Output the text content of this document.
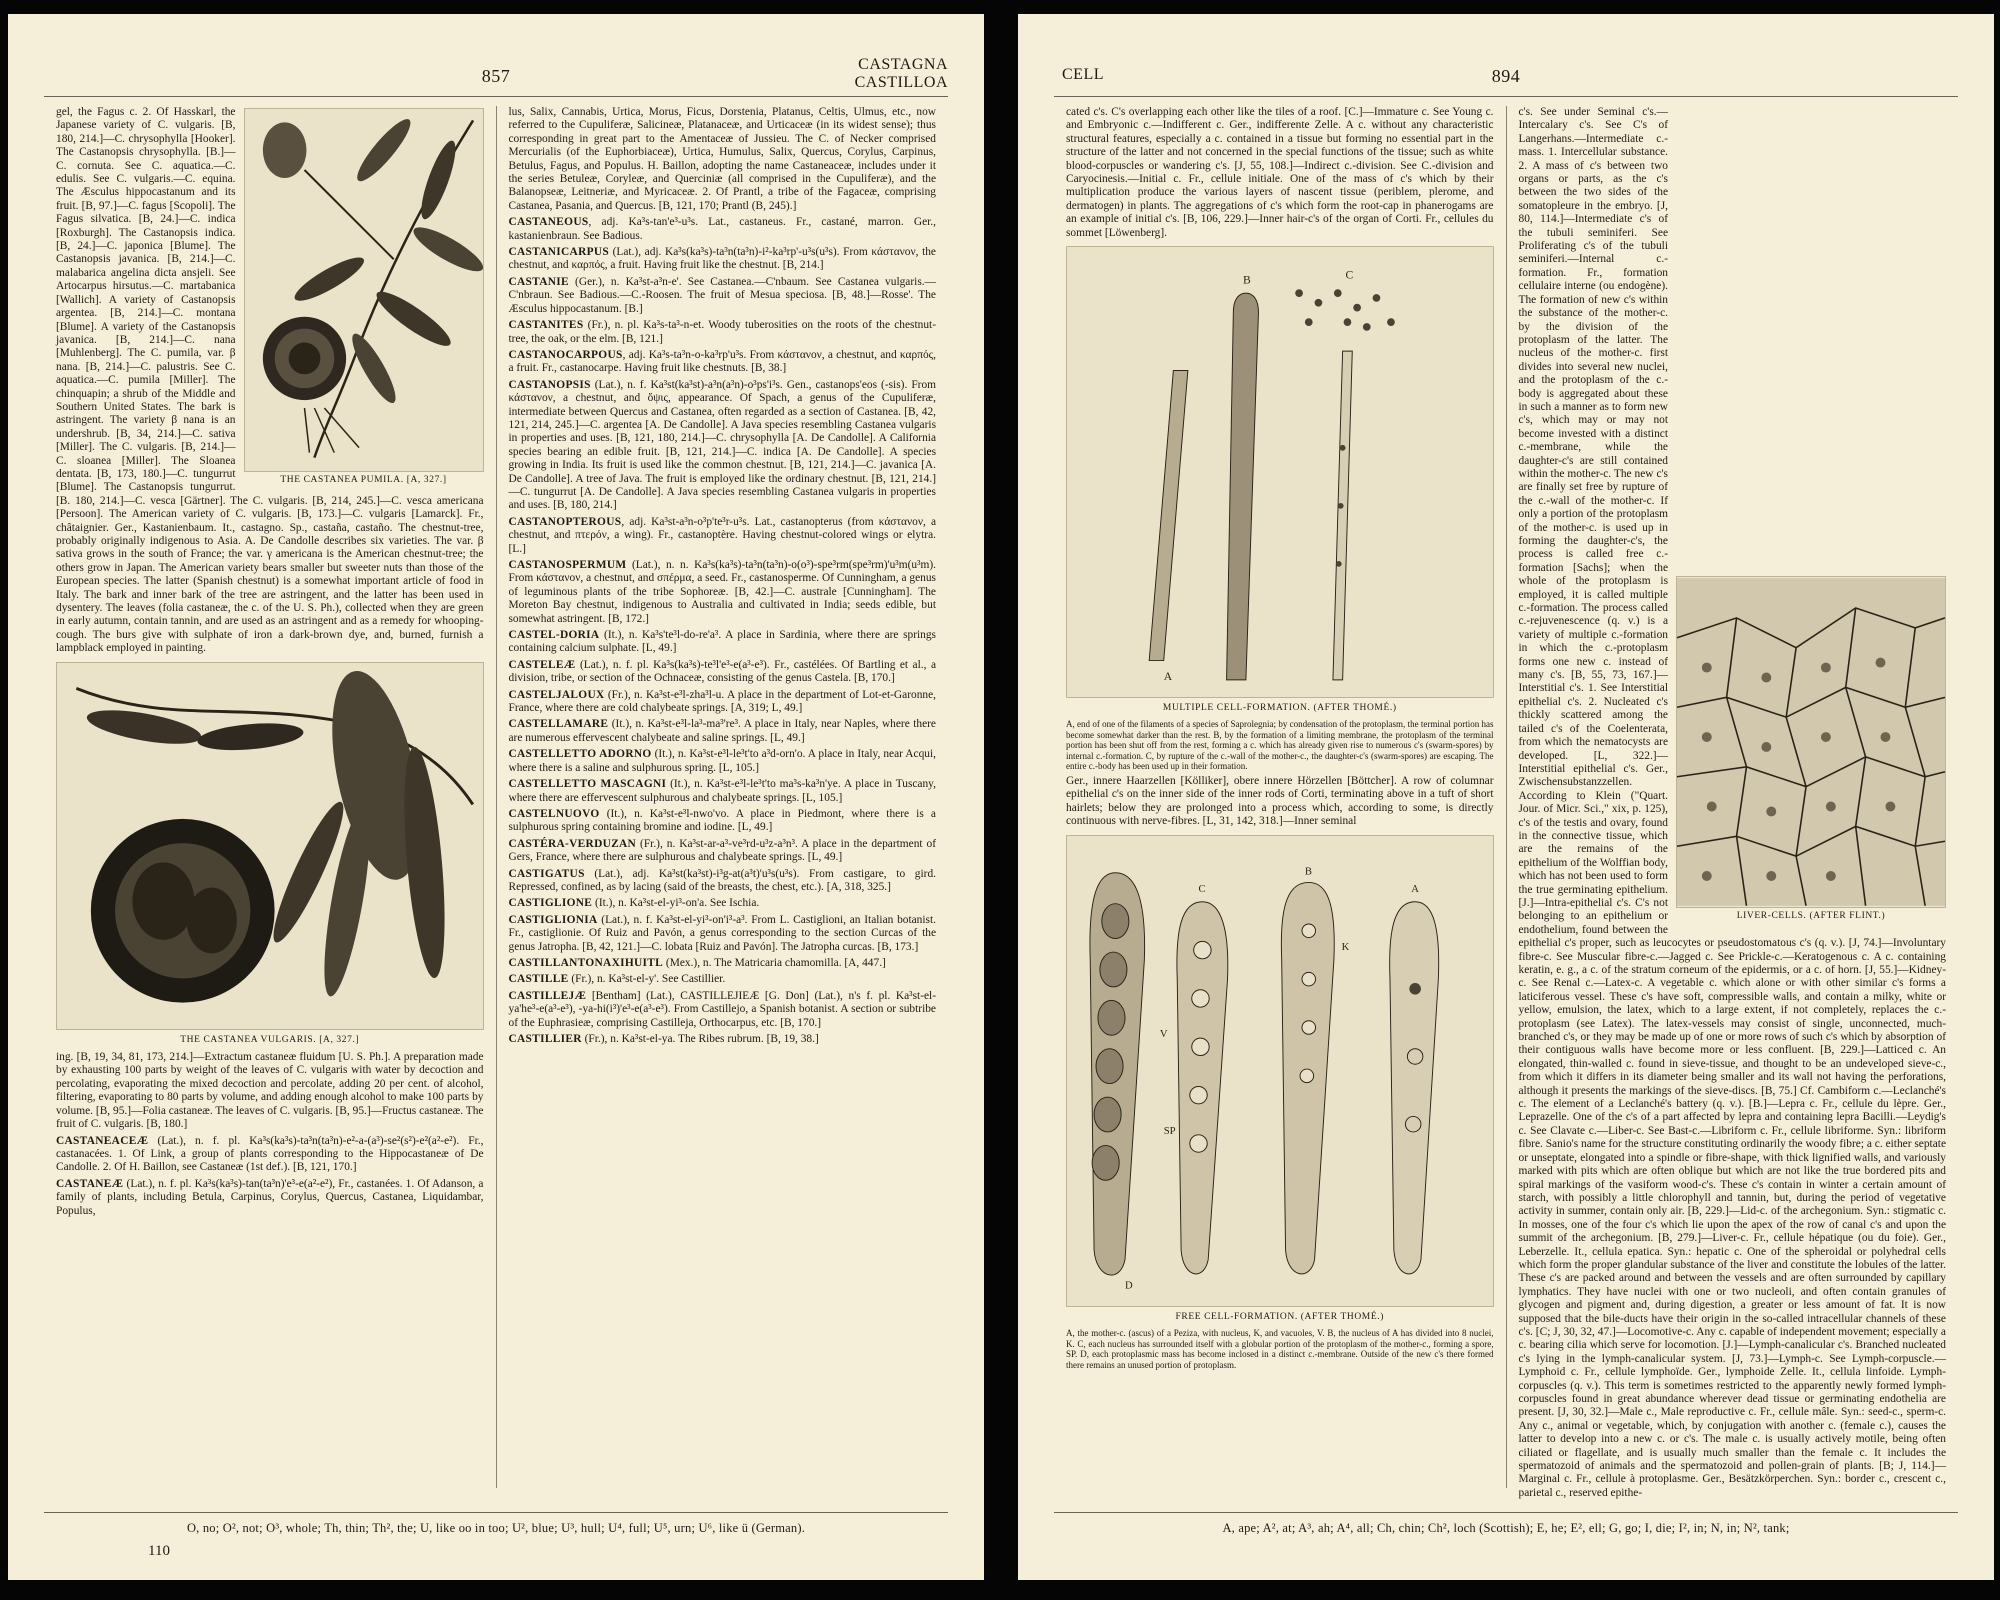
857
CASTAGNA
CASTILLOA
THE CASTANEA PUMILA. [A, 327.]

gel, the Fagus c. 2. Of Hasskarl, the Japanese variety of C. vulgaris. [B, 180, 214.]—C. chrysophylla [Hooker]. The Castanopsis chrysophylla. [B.]—C. cornuta. See C. aquatica.—C. edulis. See C. vulgaris.—C. equina. The Æsculus hippocastanum and its fruit. [B, 97.]—C. fagus [Scopoli]. The Fagus silvatica. [B, 24.]—C. indica [Roxburgh]. The Castanopsis indica. [B, 24.]—C. japonica [Blume]. The Castanopsis javanica. [B, 214.]—C. malabarica angelina dicta ansjeli. See Artocarpus hirsutus.—C. martabanica [Wallich]. A variety of Castanopsis argentea. [B, 214.]—C. montana [Blume]. A variety of the Castanopsis javanica. [B, 214.]—C. nana [Muhlenberg]. The C. pumila, var. β nana. [B, 214.]—C. palustris. See C. aquatica.—C. pumila [Miller]. The chinquapin; a shrub of the Middle and Southern United States. The bark is astringent. The variety β nana is an undershrub. [B, 34, 214.]—C. sativa [Miller]. The C. vulgaris. [B, 214.]—C. sloanea [Miller]. The Sloanea dentata. [B, 173, 180.]—C. tungurrut [Blume]. The Castanopsis tungurrut. [B. 180, 214.]—C. vesca [Gärtner]. The C. vulgaris. [B, 214, 245.]—C. vesca americana [Persoon]. The American variety of C. vulgaris. [B, 173.]—C. vulgaris [Lamarck]. Fr., châtaignier. Ger., Kastanienbaum. It., castagno. Sp., castaña, castaño. The chestnut-tree, probably originally indigenous to Asia. A. De Candolle describes six varieties. The var. β sativa grows in the south of France; the var. γ americana is the American chestnut-tree; the others grow in Japan. The American variety bears smaller but sweeter nuts than those of the European species. The latter (Spanish chestnut) is a somewhat important article of food in Italy. The bark and inner bark of the tree are astringent, and the latter has been used in dysentery. The leaves (folia castaneæ, the c. of the U. S. Ph.), collected when they are green in early autumn, contain tannin, and are used as an astringent and as a remedy for whooping-cough. The burs give with sulphate of iron a dark-brown dye, and, burned, furnish a lampblack employed in painting.

THE CASTANEA VULGARIS. [A, 327.]

ing. [B, 19, 34, 81, 173, 214.]—Extractum castaneæ fluidum [U. S. Ph.]. A preparation made by exhausting 100 parts by weight of the leaves of C. vulgaris with water by decoction and percolating, evaporating the mixed decoction and percolate, adding 20 per cent. of alcohol, filtering, evaporating to 80 parts by volume, and adding enough alcohol to make 100 parts by volume. [B, 95.]—Folia castaneæ. The leaves of C. vulgaris. [B, 95.]—Fructus castaneæ. The fruit of C. vulgaris. [B, 180.]

CASTANEACEÆ (Lat.), n. f. pl. Ka³s(ka³s)-ta³n(ta³n)-e²-a-(a³)-se²(s²)-e²(a²-e²). Fr., castanacées. 1. Of Link, a group of plants corresponding to the Hippocastaneæ of De Candolle. 2. Of H. Baillon, see Castaneæ (1st def.). [B, 121, 170.]

CASTANEÆ (Lat.), n. f. pl. Ka³s(ka³s)-tan(ta³n)'e³-e(a²-e²), Fr., castanées. 1. Of Adanson, a family of plants, including Betula, Carpinus, Corylus, Quercus, Castanea, Liquidambar, Populus,

lus, Salix, Cannabis, Urtica, Morus, Ficus, Dorstenia, Platanus, Celtis, Ulmus, etc., now referred to the Cupuliferæ, Salicineæ, Platanaceæ, and Urticaceæ (in its widest sense); thus corresponding in great part to the Amentaceæ of Jussieu. The C. of Necker comprised Mercurialis (of the Euphorbiaceæ), Urtica, Humulus, Salix, Quercus, Corylus, Carpinus, Betulus, Fagus, and Populus. H. Baillon, adopting the name Castaneaceæ, includes under it the series Betuleæ, Coryleæ, and Querciniæ (all comprised in the Cupuliferæ), and the Balanopseæ, Leitneriæ, and Myricaceæ. 2. Of Prantl, a tribe of the Fagaceæ, comprising Castanea, Pasania, and Quercus. [B, 121, 170; Prantl (B, 245).]

CASTANEOUS, adj. Ka³s-tan'e³-u³s. Lat., castaneus. Fr., castané, marron. Ger., kastanienbraun. See Badious.

CASTANICARPUS (Lat.), adj. Ka³s(ka³s)-ta³n(ta³n)-i²-ka³rp'-u³s(u³s). From κάστανον, the chestnut, and καρπός, a fruit. Having fruit like the chestnut. [B, 214.]

CASTANIE (Ger.), n. Ka³st-a³n-e'. See Castanea.—C'nbaum. See Castanea vulgaris.—C'nbraun. See Badious.—C.-Roosen. The fruit of Mesua speciosa. [B, 48.]—Rosse'. The Æsculus hippocastanum. [B.]

CASTANITES (Fr.), n. pl. Ka³s-ta³-n-et. Woody tuberosities on the roots of the chestnut-tree, the oak, or the elm. [B, 121.]

CASTANOCARPOUS, adj. Ka³s-ta³n-o-ka³rp'u³s. From κάστανον, a chestnut, and καρπός, a fruit. Fr., castanocarpe. Having fruit like chestnuts. [B, 38.]

CASTANOPSIS (Lat.), n. f. Ka³st(ka³st)-a³n(a³n)-o³ps'i³s. Gen., castanops'eos (-sis). From κάστανον, a chestnut, and ὄψις, appearance. Of Spach, a genus of the Cupuliferæ, intermediate between Quercus and Castanea, often regarded as a section of Castanea. [B, 42, 121, 214, 245.]—C. argentea [A. De Candolle]. A Java species resembling Castanea vulgaris in properties and uses. [B, 121, 180, 214.]—C. chrysophylla [A. De Candolle]. A California species bearing an edible fruit. [B, 121, 214.]—C. indica [A. De Candolle]. A species growing in India. Its fruit is used like the common chestnut. [B, 121, 214.]—C. javanica [A. De Candolle]. A tree of Java. The fruit is employed like the ordinary chestnut. [B, 121, 214.]—C. tungurrut [A. De Candolle]. A Java species resembling Castanea vulgaris in properties and uses. [B, 180, 214.]

CASTANOPTEROUS, adj. Ka³st-a³n-o³p'te³r-u³s. Lat., castanopterus (from κάστανον, a chestnut, and πτερόν, a wing). Fr., castanoptère. Having chestnut-colored wings or elytra. [L.]

CASTANOSPERMUM (Lat.), n. n. Ka³s(ka³s)-ta³n(ta³n)-o(o³)-spe³rm(spe³rm)'u³m(u³m). From κάστανον, a chestnut, and σπέρμα, a seed. Fr., castanosperme. Of Cunningham, a genus of leguminous plants of the tribe Sophoreæ. [B, 42.]—C. australe [Cunningham]. The Moreton Bay chestnut, indigenous to Australia and cultivated in India; seeds edible, but somewhat astringent. [B, 172.]

CASTEL-DORIA (It.), n. Ka³s'te³l-do-re'a³. A place in Sardinia, where there are springs containing calcium sulphate. [L, 49.]

CASTELEÆ (Lat.), n. f. pl. Ka³s(ka³s)-te³l'e³-e(a³-e³). Fr., castélées. Of Bartling et al., a division, tribe, or section of the Ochnaceæ, consisting of the genus Castela. [B, 170.]

CASTELJALOUX (Fr.), n. Ka³st-e³l-zha³l-u. A place in the department of Lot-et-Garonne, France, where there are cold chalybeate springs. [A, 319; L, 49.]

CASTELLAMARE (It.), n. Ka³st-e³l-la³-ma³'re³. A place in Italy, near Naples, where there are numerous effervescent chalybeate and saline springs. [L, 49.]

CASTELLETTO ADORNO (It.), n. Ka³st-e³l-le³t'to a³d-orn'o. A place in Italy, near Acqui, where there is a saline and sulphurous spring. [L, 105.]

CASTELLETTO MASCAGNI (It.), n. Ka³st-e³l-le³t'to ma³s-ka³n'ye. A place in Tuscany, where there are effervescent sulphurous and chalybeate springs. [L, 105.]

CASTELNUOVO (It.), n. Ka³st-e³l-nwo'vo. A place in Piedmont, where there is a sulphurous spring containing bromine and iodine. [L, 49.]

CASTÉRA-VERDUZAN (Fr.), n. Ka³st-ar-a³-ve³rd-u³z-a³n³. A place in the department of Gers, France, where there are sulphurous and chalybeate springs. [L, 49.]

CASTIGATUS (Lat.), adj. Ka³st(ka³st)-i³g-at(a³t)'u³s(u³s). From castigare, to gird. Repressed, confined, as by lacing (said of the breasts, the chest, etc.). [A, 318, 325.]

CASTIGLIONE (It.), n. Ka³st-el-yi³-on'a. See Ischia.

CASTIGLIONIA (Lat.), n. f. Ka³st-el-yi³-on'i³-a³. From L. Castiglioni, an Italian botanist. Fr., castiglionie. Of Ruiz and Pavón, a genus corresponding to the section Curcas of the genus Jatropha. [B, 42, 121.]—C. lobata [Ruiz and Pavón]. The Jatropha curcas. [B, 173.]

CASTILLANTONAXIHUITL (Mex.), n. The Matricaria chamomilla. [A, 447.]

CASTILLE (Fr.), n. Ka³st-el-y'. See Castillier.

CASTILLEJÆ [Bentham] (Lat.), CASTILLEJIEÆ [G. Don] (Lat.), n's f. pl. Ka³st-el-ya'he³-e(a³-e³), -ya-hi(i³)'e³-e(a³-e³). From Castillejo, a Spanish botanist. A section or subtribe of the Euphrasieæ, comprising Castilleja, Orthocarpus, etc. [B, 170.]

CASTILLIER (Fr.), n. Ka³st-el-ya. The Ribes rubrum. [B, 19, 38.]

O, no; O², not; O³, whole; Th, thin; Th², the; U, like oo in too; U², blue; U³, hull; U⁴, full; U⁵, urn; U⁶, like ü (German).
110
CELL	894

cated c's. C's overlapping each other like the tiles of a roof. [C.]—Immature c. See Young c. and Embryonic c.—Indifferent c. Ger., indifferente Zelle. A c. without any characteristic structural features, especially a c. contained in a tissue but forming no essential part in the structure of the latter and not concerned in the special functions of the tissue; such as white blood-corpuscles or wandering c's. [J, 55, 108.]—Indirect c.-division. See C.-division and Caryocinesis.—Initial c. Fr., cellule initiale. One of the mass of c's which by their multiplication produce the various layers of nascent tissue (periblem, plerome, and dermatogen) in plants. The aggregations of c's which form the root-cap in phanerogams are an example of initial c's. [B, 106, 229.]—Inner hair-c's of the organ of Corti. Fr., cellules du sommet [Löwenberg].

A
B	C
MULTIPLE CELL-FORMATION. (AFTER THOMÉ.)

A, end of one of the filaments of a species of Saprolegnia; by condensation of the protoplasm, the terminal portion has become somewhat darker than the rest. B, by the formation of a limiting membrane, the protoplasm of the terminal portion has been shut off from the rest, forming a c. which has already given rise to numerous c's (swarm-spores) by internal c.-formation. C, by rupture of the c.-wall of the mother-c., the daughter-c's (swarm-spores) are escaping. The entire c.-body has been used up in their formation.

Ger., innere Haarzellen [Kölliker], obere innere Hörzellen [Böttcher]. A row of columnar epithelial c's on the inner side of the inner rods of Corti, terminating above in a tuft of short hairlets; below they are prolonged into a process which, according to some, is directly continuous with nerve-fibres. [L, 31, 142, 318.]—Inner seminal

D
C
B
A
V
K
SP
FREE CELL-FORMATION. (AFTER THOMÉ.)

A, the mother-c. (ascus) of a Peziza, with nucleus, K, and vacuoles, V. B, the nucleus of A has divided into 8 nuclei, K. C, each nucleus has surrounded itself with a globular portion of the protoplasm of the mother-c., forming a spore, SP. D, each protoplasmic mass has become inclosed in a distinct c.-membrane. Outside of the new c's there formed there remains an unused portion of protoplasm.

LIVER-CELLS. (AFTER FLINT.)

c's. See under Seminal c's.—Intercalary c's. See C's of Langerhans.—Intermediate c.-mass. 1. Intercellular substance. 2. A mass of c's between two organs or parts, as the c's between the two sides of the somatopleure in the embryo. [J, 80, 114.]—Intermediate c's of the tubuli seminiferi. See Proliferating c's of the tubuli seminiferi.—Internal c.-formation. Fr., formation cellulaire interne (ou endogène). The formation of new c's within the substance of the mother-c. by the division of the protoplasm of the latter. The nucleus of the mother-c. first divides into several new nuclei, and the protoplasm of the c.-body is aggregated about these in such a manner as to form new c's, which may or may not become invested with a distinct c.-membrane, while the daughter-c's are still contained within the mother-c. The new c's are finally set free by rupture of the c.-wall of the mother-c. If only a portion of the protoplasm of the mother-c. is used up in forming the daughter-c's, the process is called free c.-formation [Sachs]; when the whole of the protoplasm is employed, it is called multiple c.-formation. The process called c.-rejuvenescence (q. v.) is a variety of multiple c.-formation in which the c.-protoplasm forms one new c. instead of many c's. [B, 55, 73, 167.]—Interstitial c's. 1. See Interstitial epithelial c's. 2. Nucleated c's thickly scattered among the tailed c's of the Coelenterata, from which the nematocysts are developed. [L, 322.]—Interstitial epithelial c's. Ger., Zwischensubstanzzellen. According to Klein ("Quart. Jour. of Micr. Sci.," xix, p. 125), c's of the testis and ovary, found in the connective tissue, which are the remains of the epithelium of the Wolffian body, which has not been used to form the true germinating epithelium. [J.]—Intra-epithelial c's. C's not belonging to an epithelium or endothelium, found between the epithelial c's proper, such as leucocytes or pseudostomatous c's (q. v.). [J, 74.]—Involuntary fibre-c. See Muscular fibre-c.—Jagged c. See Prickle-c.—Keratogenous c. A c. containing keratin, e. g., a c. of the stratum corneum of the epidermis, or a c. of horn. [J, 55.]—Kidney-c. See Renal c.—Latex-c. A vegetable c. which alone or with other similar c's forms a laticiferous vessel. These c's have soft, compressible walls, and contain a milky, white or yellow, emulsion, the latex, which to a large extent, if not completely, replaces the c.-protoplasm (see Latex). The latex-vessels may consist of single, unconnected, much-branched c's, or they may be made up of one or more rows of such c's which by absorption of their contiguous walls have become more or less confluent. [B, 229.]—Latticed c. An elongated, thin-walled c. found in sieve-tissue, and thought to be an undeveloped sieve-c., from which it differs in its diameter being smaller and its wall not having the perforations, although it presents the markings of the sieve-discs. [B, 75.] Cf. Cambiform c.—Leclanché's c. The element of a Leclanché's battery (q. v.). [B.]—Lepra c. Fr., cellule du lèpre. Ger., Leprazelle. One of the c's of a part affected by lepra and containing lepra Bacilli.—Leydig's c. See Clavate c.—Liber-c. See Bast-c.—Libriform c. Fr., cellule libriforme. Syn.: libriform fibre. Sanio's name for the structure constituting ordinarily the woody fibre; a c. either septate or unseptate, elongated into a spindle or fibre-shape, with thick lignified walls, and variously marked with pits which are often oblique but which are not like the true bordered pits and spiral markings of the vasiform wood-c's. These c's contain in winter a certain amount of starch, with possibly a little chlorophyll and tannin, but, during the period of vegetative activity in summer, contain only air. [B, 229.]—Lid-c. of the archegonium. Syn.: stigmatic c. In mosses, one of the four c's which lie upon the apex of the row of canal c's and upon the summit of the archegonium. [B, 279.]—Liver-c. Fr., cellule hépatique (ou du foie). Ger., Leberzelle. It., cellula epatica. Syn.: hepatic c. One of the spheroidal or polyhedral cells which form the proper glandular substance of the liver and constitute the lobules of the latter. These c's are packed around and between the vessels and are often surrounded by capillary lymphatics. They have nuclei with one or two nucleoli, and often contain granules of glycogen and pigment and, during digestion, a greater or less amount of fat. It is now supposed that the bile-ducts have their origin in the so-called intracellular channels of these c's. [C; J, 30, 32, 47.]—Locomotive-c. Any c. capable of independent movement; especially a c. bearing cilia which serve for locomotion. [J.]—Lymph-canalicular c's. Branched nucleated c's lying in the lymph-canalicular system. [J, 73.]—Lymph-c. See Lymph-corpuscle.—Lymphoid c. Fr., cellule lymphoïde. Ger., lymphoide Zelle. It., cellula linfoide. Lymph-corpuscles (q. v.). This term is sometimes restricted to the apparently newly formed lymph-corpuscles found in great abundance wherever dead tissue or germinating endothelia are present. [J, 30, 32.]—Male c., Male reproductive c. Fr., cellule mâle. Syn.: seed-c., sperm-c. Any c., animal or vegetable, which, by conjugation with another c. (female c.), causes the latter to develop into a new c. or c's. The male c. is usually actively motile, being often ciliated or flagellate, and is usually much smaller than the female c. It includes the spermatozoid of animals and the spermatozoid and pollen-grain of plants. [B; J, 114.]—Marginal c. Fr., cellule à protoplasme. Ger., Besätzkörperchen. Syn.: border c., crescent c., parietal c., reserved epithe-

A, ape; A², at; A³, ah; A⁴, all; Ch, chin; Ch², loch (Scottish); E, he; E², ell; G, go; I, die; I², in; N, in; N², tank;
